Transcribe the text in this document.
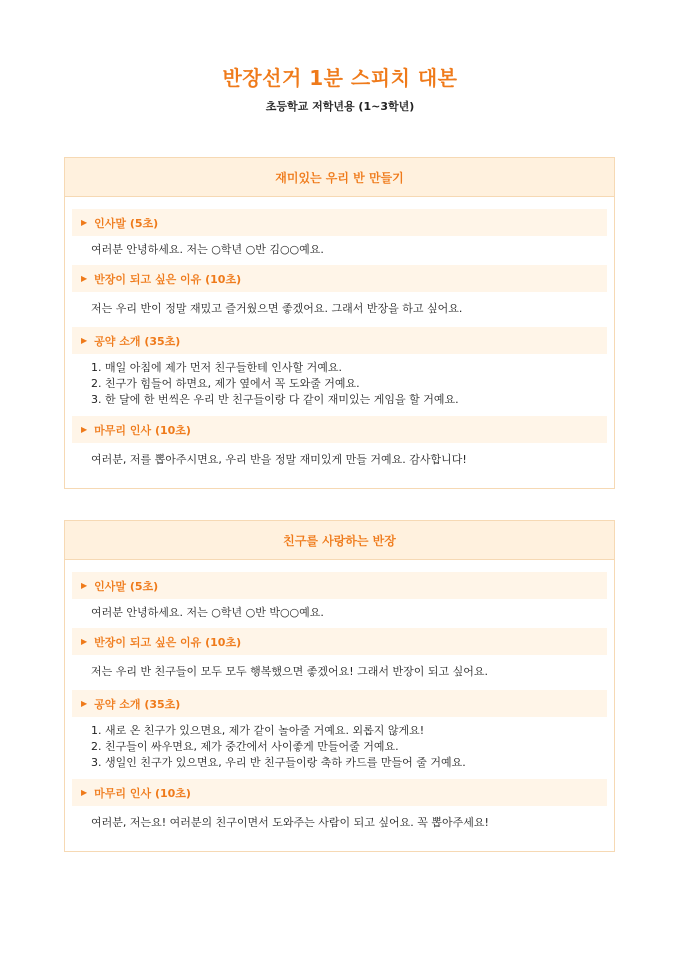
반장선거 1분 스피치 대본
초등학교 저학년용 (1~3학년)
재미있는 우리 반 만들기
▶ 인사말 (5초)
여러분 안녕하세요. 저는 ○학년 ○반 김○○예요.
▶ 반장이 되고 싶은 이유 (10초)
저는 우리 반이 정말 재밌고 즐거웠으면 좋겠어요. 그래서 반장을 하고 싶어요.
▶ 공약 소개 (35초)
1. 매일 아침에 제가 먼저 친구들한테 인사할 거예요.
2. 친구가 힘들어 하면요, 제가 옆에서 꼭 도와줄 거예요.
3. 한 달에 한 번씩은 우리 반 친구들이랑 다 같이 재미있는 게임을 할 거예요.
▶ 마무리 인사 (10초)
여러분, 저를 뽑아주시면요, 우리 반을 정말 재미있게 만들 거예요. 감사합니다!
친구를 사랑하는 반장
▶ 인사말 (5초)
여러분 안녕하세요. 저는 ○학년 ○반 박○○예요.
▶ 반장이 되고 싶은 이유 (10초)
저는 우리 반 친구들이 모두 모두 행복했으면 좋겠어요! 그래서 반장이 되고 싶어요.
▶ 공약 소개 (35초)
1. 새로 온 친구가 있으면요, 제가 같이 놀아줄 거예요. 외롭지 않게요!
2. 친구들이 싸우면요, 제가 중간에서 사이좋게 만들어줄 거예요.
3. 생일인 친구가 있으면요, 우리 반 친구들이랑 축하 카드를 만들어 줄 거예요.
▶ 마무리 인사 (10초)
여러분, 저는요! 여러분의 친구이면서 도와주는 사람이 되고 싶어요. 꼭 뽑아주세요!
